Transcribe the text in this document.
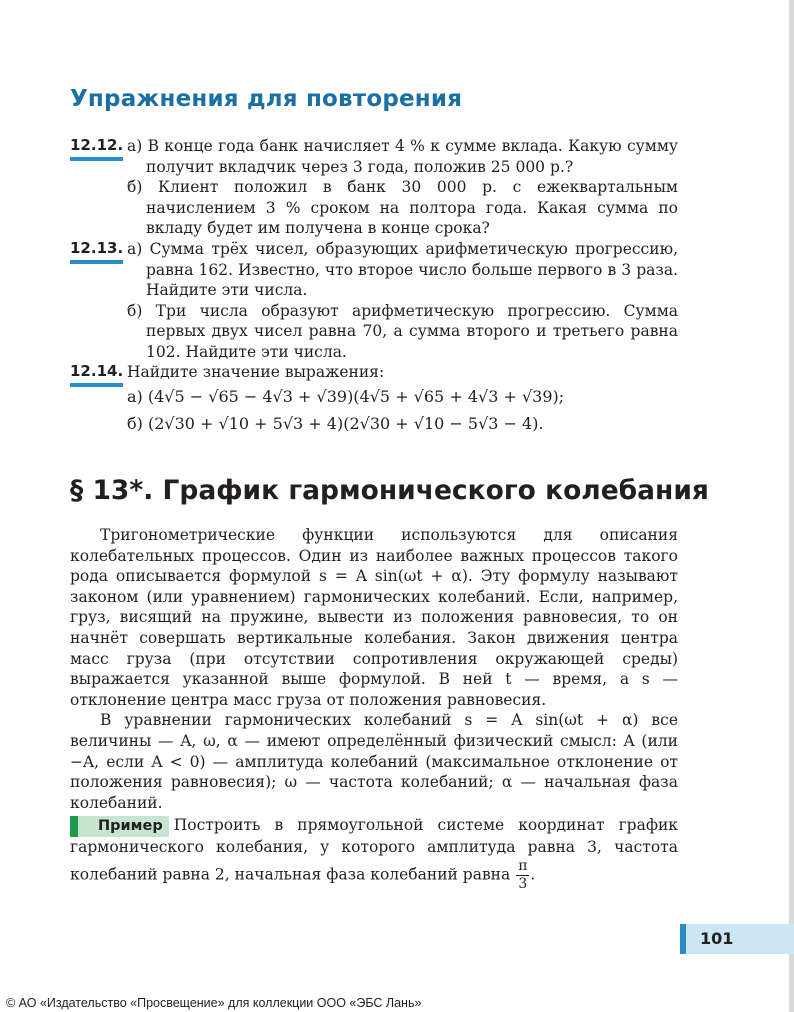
Упражнения для повторения
12.12. а) В конце года банк начисляет 4 % к сумме вклада. Какую сумму получит вкладчик через 3 года, положив 25 000 р.?

б) Клиент положил в банк 30 000 р. с ежеквартальным начислением 3 % сроком на полтора года. Какая сумма по вкладу будет им получена в конце срока?

12.13. а) Сумма трёх чисел, образующих арифметическую прогрессию, равна 162. Известно, что второе число больше первого в 3 раза. Найдите эти числа.

б) Три числа образуют арифметическую прогрессию. Сумма первых двух чисел равна 70, а сумма второго и третьего равна 102. Найдите эти числа.

12.14. Найдите значение выражения:

а) (4√5 − √65 − 4√3 + √39)(4√5 + √65 + 4√3 + √39);

б) (2√30 + √10 + 5√3 + 4)(2√30 + √10 − 5√3 − 4).

§ 13*. График гармонического колебания

Тригонометрические функции используются для описания колебательных процессов. Один из наиболее важных процессов такого рода описывается формулой s = A sin(ωt + α). Эту формулу называют законом (или уравнением) гармонических колебаний. Если, например, груз, висящий на пружине, вывести из положения равновесия, то он начнёт совершать вертикальные колебания. Закон движения центра масс груза (при отсутствии сопротивления окружающей среды) выражается указанной выше формулой. В ней t — время, а s — отклонение центра масс груза от положения равновесия.

В уравнении гармонических колебаний s = A sin(ωt + α) все величины — A, ω, α — имеют определённый физический смысл: A (или −A, если A < 0) — амплитуда колебаний (максимальное отклонение от положения равновесия); ω — частота колебаний; α — начальная фаза колебаний.

Пример Построить в прямоугольной системе координат график гармонического колебания, у которого амплитуда равна 3, частота колебаний равна 2, начальная фаза колебаний равна $\frac{\pi}{3}$ .
101
© АО «Издательство «Просвещение» для коллекции ООО «ЭБС Лань»
